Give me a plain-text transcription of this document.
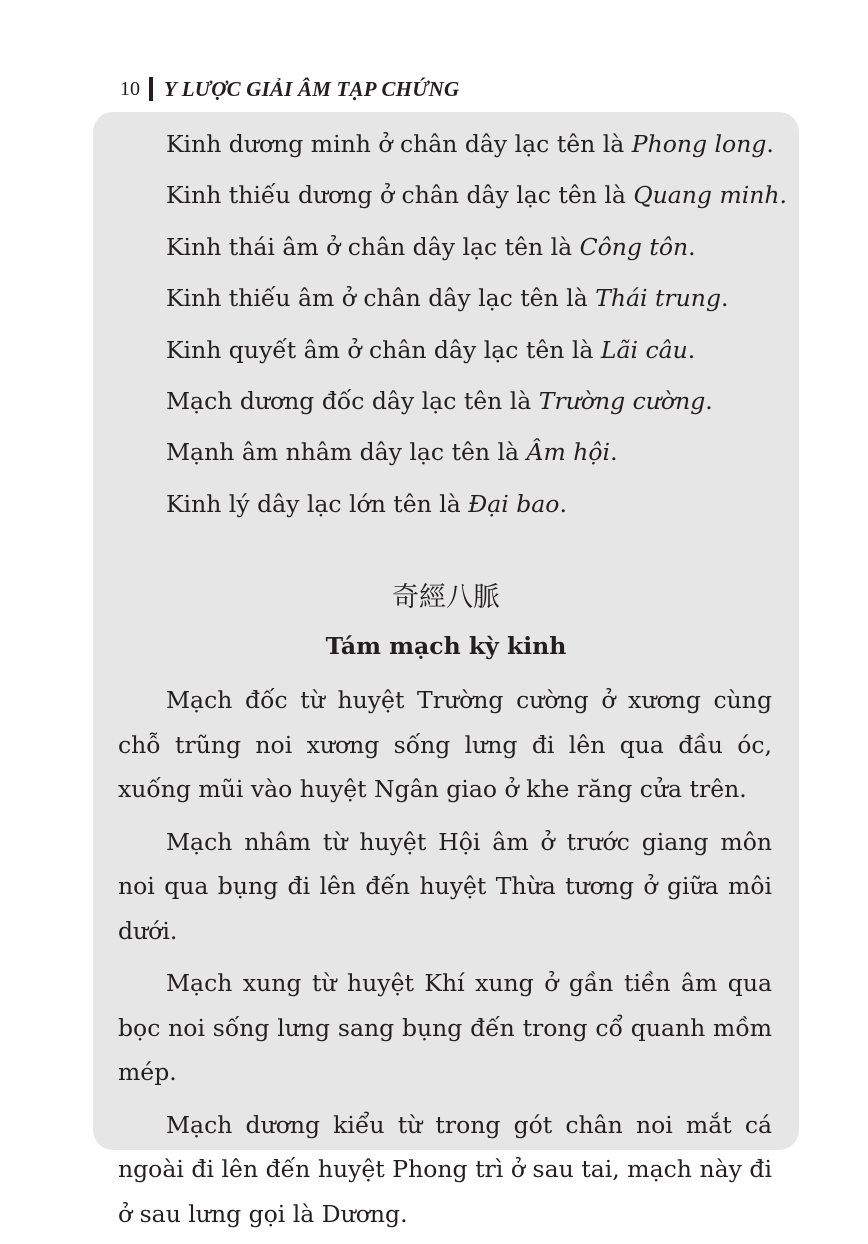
10 Y LƯỢC GIẢI ÂM TẠP CHỨNG
Kinh dương minh ở chân dây lạc tên là Phong long.
Kinh thiếu dương ở chân dây lạc tên là Quang minh.
Kinh thái âm ở chân dây lạc tên là Công tôn.
Kinh thiếu âm ở chân dây lạc tên là Thái trung.
Kinh quyết âm ở chân dây lạc tên là Lãi câu.
Mạch dương đốc dây lạc tên là Trường cường.
Mạnh âm nhâm dây lạc tên là Âm hội.
Kinh lý dây lạc lớn tên là Đại bao.
奇經八脈
Tám mạch kỳ kinh

Mạch đốc từ huyệt Trường cường ở xương cùng chỗ trũng noi xương sống lưng đi lên qua đầu óc, xuống mũi vào huyệt Ngân giao ở khe răng cửa trên.

Mạch nhâm từ huyệt Hội âm ở trước giang môn noi qua bụng đi lên đến huyệt Thừa tương ở giữa môi dưới.

Mạch xung từ huyệt Khí xung ở gần tiền âm qua bọc noi sống lưng sang bụng đến trong cổ quanh mồm mép.

Mạch dương kiểu từ trong gót chân noi mắt cá ngoài đi lên đến huyệt Phong trì ở sau tai, mạch này đi ở sau lưng gọi là Dương.
